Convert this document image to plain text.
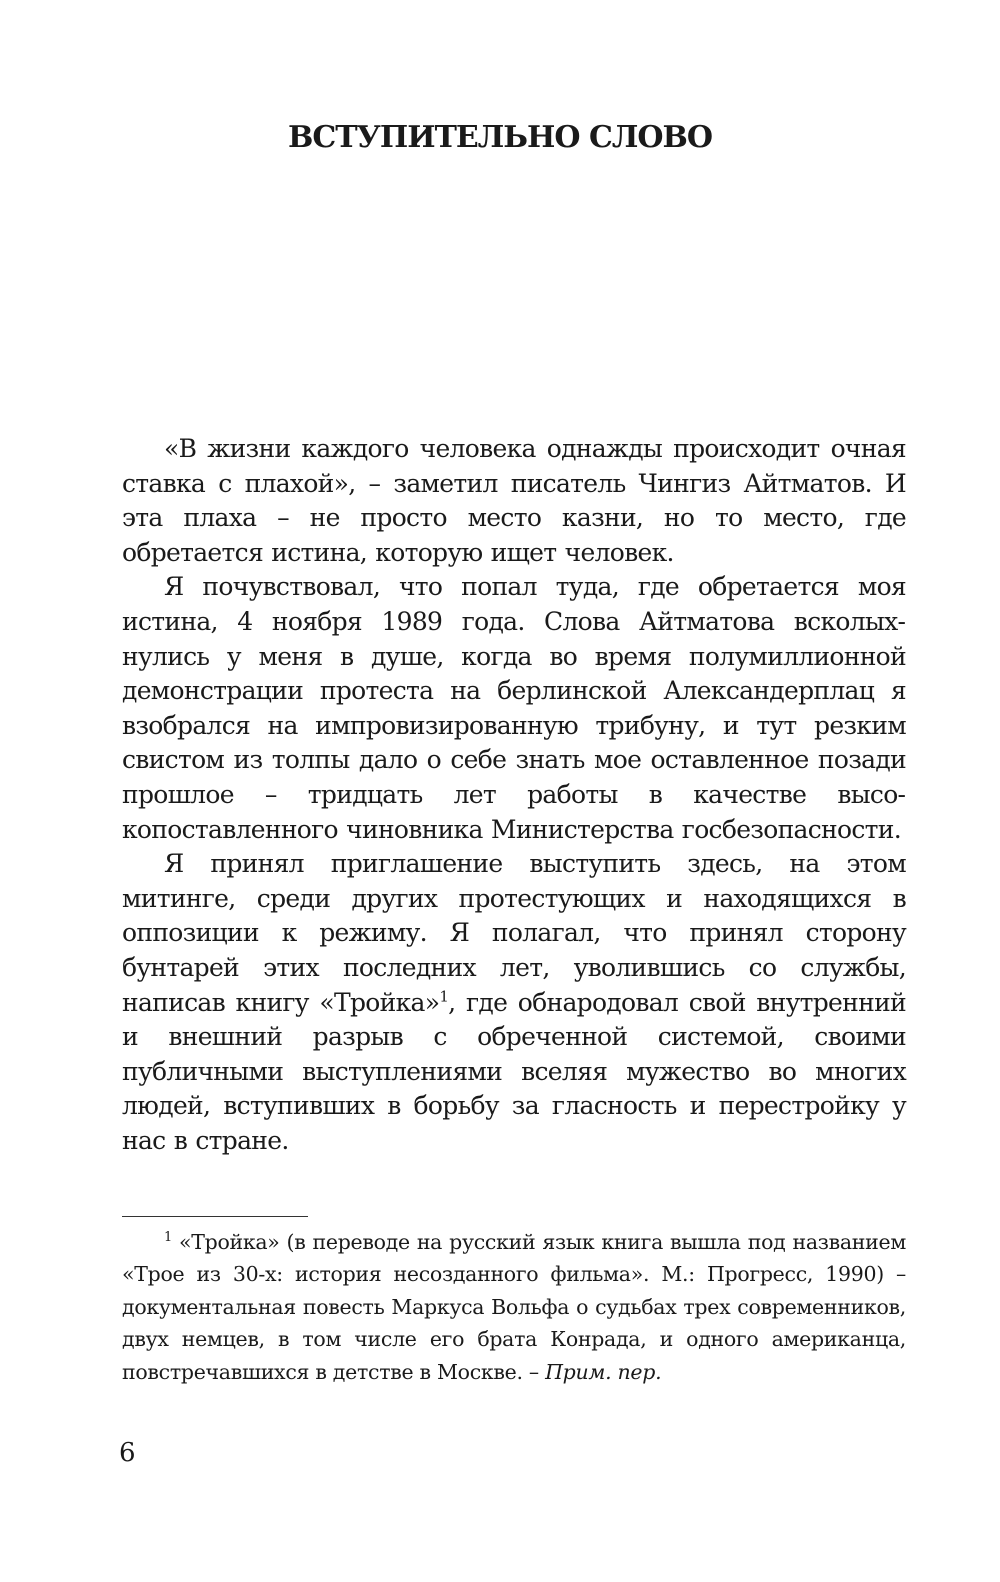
ВСТУПИТЕЛЬНО СЛОВО

«В жизни каждого человека однажды происходит очная ставка с плахой», – заметил писатель Чингиз Айтматов. И эта плаха – не просто место казни, но то место, где обретается истина, которую ищет человек.

Я почувствовал, что попал туда, где обретается моя истина, 4 ноября 1989 года. Слова Айтматова всколыхнулись у меня в душе, когда во время полумиллионной демонстрации протеста на берлинской Александерплац я взобрался на импровизированную трибуну, и тут резким свистом из толпы дало о себе знать мое оставленное позади прошлое – тридцать лет работы в качестве высокопоставленного чиновника Министерства госбезопасности.

Я принял приглашение выступить здесь, на этом митинге, среди других протестующих и находящихся в оппозиции к режиму. Я полагал, что принял сторону бунтарей этих последних лет, уволившись со службы, написав книгу «Тройка»$^1$, где обнародовал свой внутренний и внешний разрыв с обреченной системой, своими публичными выступлениями вселяя мужество во многих людей, вступивших в борьбу за гласность и перестройку у нас в стране.

$^1$ «Тройка» (в переводе на русский язык книга вышла под названием «Трое из 30-х: история несозданного фильма». М.: Прогресс, 1990) – документальная повесть Маркуса Вольфа о судьбах трех современников, двух немцев, в том числе его брата Конрада, и одного американца, повстречавшихся в детстве в Москве. – Прим. пер.

6
